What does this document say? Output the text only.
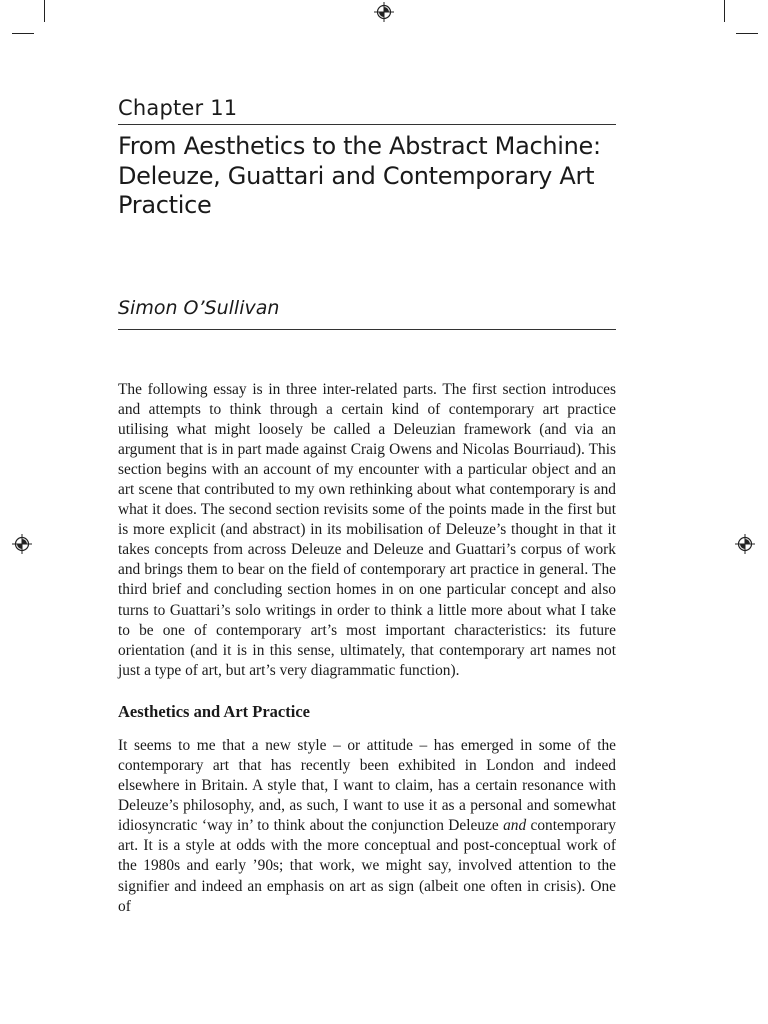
Chapter 11
From Aesthetics to the Abstract Machine:
Deleuze, Guattari and Contemporary Art
Practice
Simon O’Sullivan

The following essay is in three inter-related parts. The first section introduces and attempts to think through a certain kind of contemporary art practice utilising what might loosely be called a Deleuzian framework (and via an argument that is in part made against Craig Owens and Nicolas Bourriaud). This section begins with an account of my encounter with a particular object and an art scene that contributed to my own rethinking about what contemporary is and what it does. The second section revisits some of the points made in the first but is more explicit (and abstract) in its mobilisation of Deleuze’s thought in that it takes concepts from across Deleuze and Deleuze and Guattari’s corpus of work and brings them to bear on the field of contemporary art practice in general. The third brief and concluding section homes in on one particular concept and also turns to Guattari’s solo writings in order to think a little more about what I take to be one of contemporary art’s most important characteristics: its future orientation (and it is in this sense, ultimately, that contemporary art names not just a type of art, but art’s very diagrammatic function).

Aesthetics and Art Practice

It seems to me that a new style – or attitude – has emerged in some of the contemporary art that has recently been exhibited in London and indeed elsewhere in Britain. A style that, I want to claim, has a certain resonance with Deleuze’s philosophy, and, as such, I want to use it as a personal and somewhat idiosyncratic ‘way in’ to think about the conjunction Deleuze and contemporary art. It is a style at odds with the more conceptual and post-conceptual work of the 1980s and early ’90s; that work, we might say, involved attention to the signifier and indeed an emphasis on art as sign (albeit one often in crisis). One of
